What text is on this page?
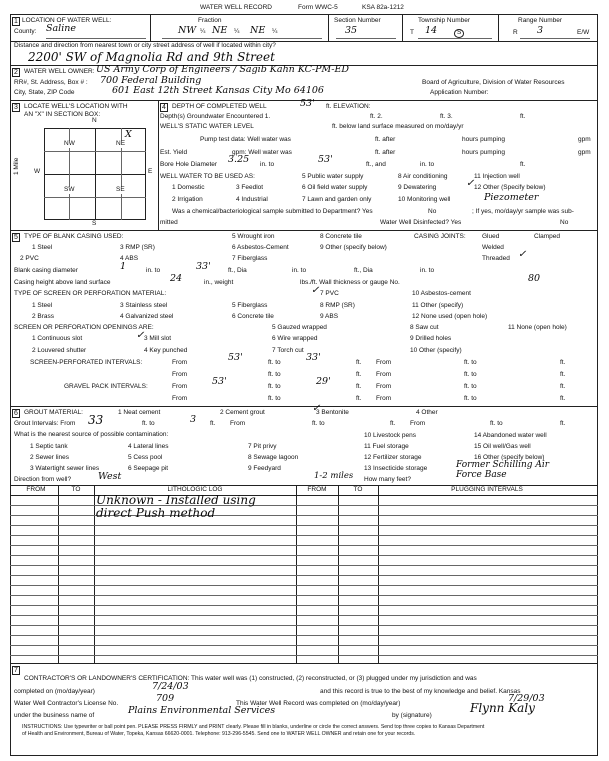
WATER WELL RECORD	Form WWC-5	KSA 82a-1212
1 LOCATION OF WATER WELL:
County: Saline
Fraction
NW ¼ NE ¼ NE ¼
Section Number
35
Township Number
T 14	S
Range Number
R 3	E/W
Distance and direction from nearest town or city street address of well if located within city?
2200' SW of Magnolia Rd and 9th Street
2 WATER WELL OWNER: US Army Corp of Engineers / Sagib Kahn KC-PM-ED
RR#, St. Address, Box # : 700 Federal Building	Board of Agriculture, Division of Water Resources
City, State, ZIP Code	601 East 12th Street Kansas City Mo 64106	Application Number:
3 LOCATE WELL'S LOCATION WITH
AN "X" IN SECTION BOX:
N
S
W	E
1 Mile
NW	NE
SW	SE
X
4 DEPTH OF COMPLETED WELL	53' ft. ELEVATION:
Depth(s) Groundwater Encountered 1.	ft. 2.	ft. 3.	ft.
WELL'S STATIC WATER LEVEL	ft. below land surface measured on mo/day/yr
Pump test data: Well water was	ft. after	hours pumping	gpm
Est. Yield	gpm: Well water was	ft. after	hours pumping	gpm
Bore Hole Diameter 3.25 in. to	53'	ft., and	in. to	ft.
WELL WATER TO BE USED AS:	5 Public water supply	8 Air conditioning	11 Injection well
1 Domestic	3 Feedlot	6 Oil field water supply	9 Dewatering	12 Other (Specify below)
✓
2 Irrigation	4 Industrial	7 Lawn and garden only	10 Monitoring well	Piezometer
Was a chemical/bacteriological sample submitted to Department? Yes	No	; If yes, mo/day/yr sample was sub-
mitted	Water Well Disinfected? Yes	No
5 TYPE OF BLANK CASING USED:
1 Steel
2 PVC
3 RMP (SR)
4 ABS
5 Wrought iron
6 Asbestos-Cement
7 Fiberglass
8 Concrete tile
9 Other (specify below)
CASING JOINTS:	Glued	Clamped
Welded
Threaded ✓
Blank casing diameter	1	in. to	33'	ft., Dia	in. to	ft., Dia	in. to
Casing height above land surface	24	in., weight	lbs./ft. Wall thickness or gauge No.	80
TYPE OF SCREEN OR PERFORATION MATERIAL:
1 Steel
2 Brass
3 Stainless steel
4 Galvanized steel
5 Fiberglass
6 Concrete tile
7 PVC
✓
8 RMP (SR)
9 ABS
10 Asbestos-cement
11 Other (specify)
12 None used (open hole)
SCREEN OR PERFORATION OPENINGS ARE:
1 Continuous slot
2 Louvered shutter
3 Mill slot
✓
4 Key punched
5 Gauzed wrapped
6 Wire wrapped
7 Torch cut
8 Saw cut
9 Drilled holes
10 Other (specify)
11 None (open hole)
SCREEN-PERFORATED INTERVALS:	From	53'	ft. to	33'	ft. From	ft. to	ft.
From	ft. to	ft. From	ft. to	ft.
GRAVEL PACK INTERVALS:	From	53'	ft. to	29'	ft. From	ft. to	ft.
From	ft. to	ft. From	ft. to	ft.
6 GROUT MATERIAL:	1 Neat cement	2 Cement grout	3 Bentonite
✓	4 Other
Grout Intervals: From 33	ft. to	3 ft. From	ft. to	ft. From	ft. to	ft.
What is the nearest source of possible contamination:
1 Septic tank
2 Sewer lines
3 Watertight sewer lines
4 Lateral lines
5 Cess pool
6 Seepage pit
7 Pit privy
8 Sewage lagoon
9 Feedyard
10 Livestock pens
11 Fuel storage
12 Fertilizer storage
13 Insecticide storage
14 Abandoned water well
15 Oil well/Gas well
16 Other (specify below)
Former Schilling Air Force Base
Direction from well?	West	1-2 miles How many feet?
FROM	TO	LITHOLOGIC LOG	FROM	TO	PLUGGING INTERVALS
Unknown - Installed using
direct Push method
7
CONTRACTOR'S OR LANDOWNER'S CERTIFICATION: This water well was (1) constructed, (2) reconstructed, or (3) plugged under my jurisdiction and was
completed on (mo/day/year)	7/24/03	and this record is true to the best of my knowledge and belief. Kansas
Water Well Contractor's License No.	709	This Water Well Record was completed on (mo/day/year)	7/29/03
under the business name of	Plains Environmental Services	by (signature)
Flynn Kaly
INSTRUCTIONS: Use typewriter or ball point pen. PLEASE PRESS FIRMLY and PRINT clearly. Please fill in blanks, underline or circle the correct answers. Send top three copies to Kansas Department
of Health and Environment, Bureau of Water, Topeka, Kansas 66620-0001. Telephone: 913-296-5545. Send one to WATER WELL OWNER and retain one for your records.
